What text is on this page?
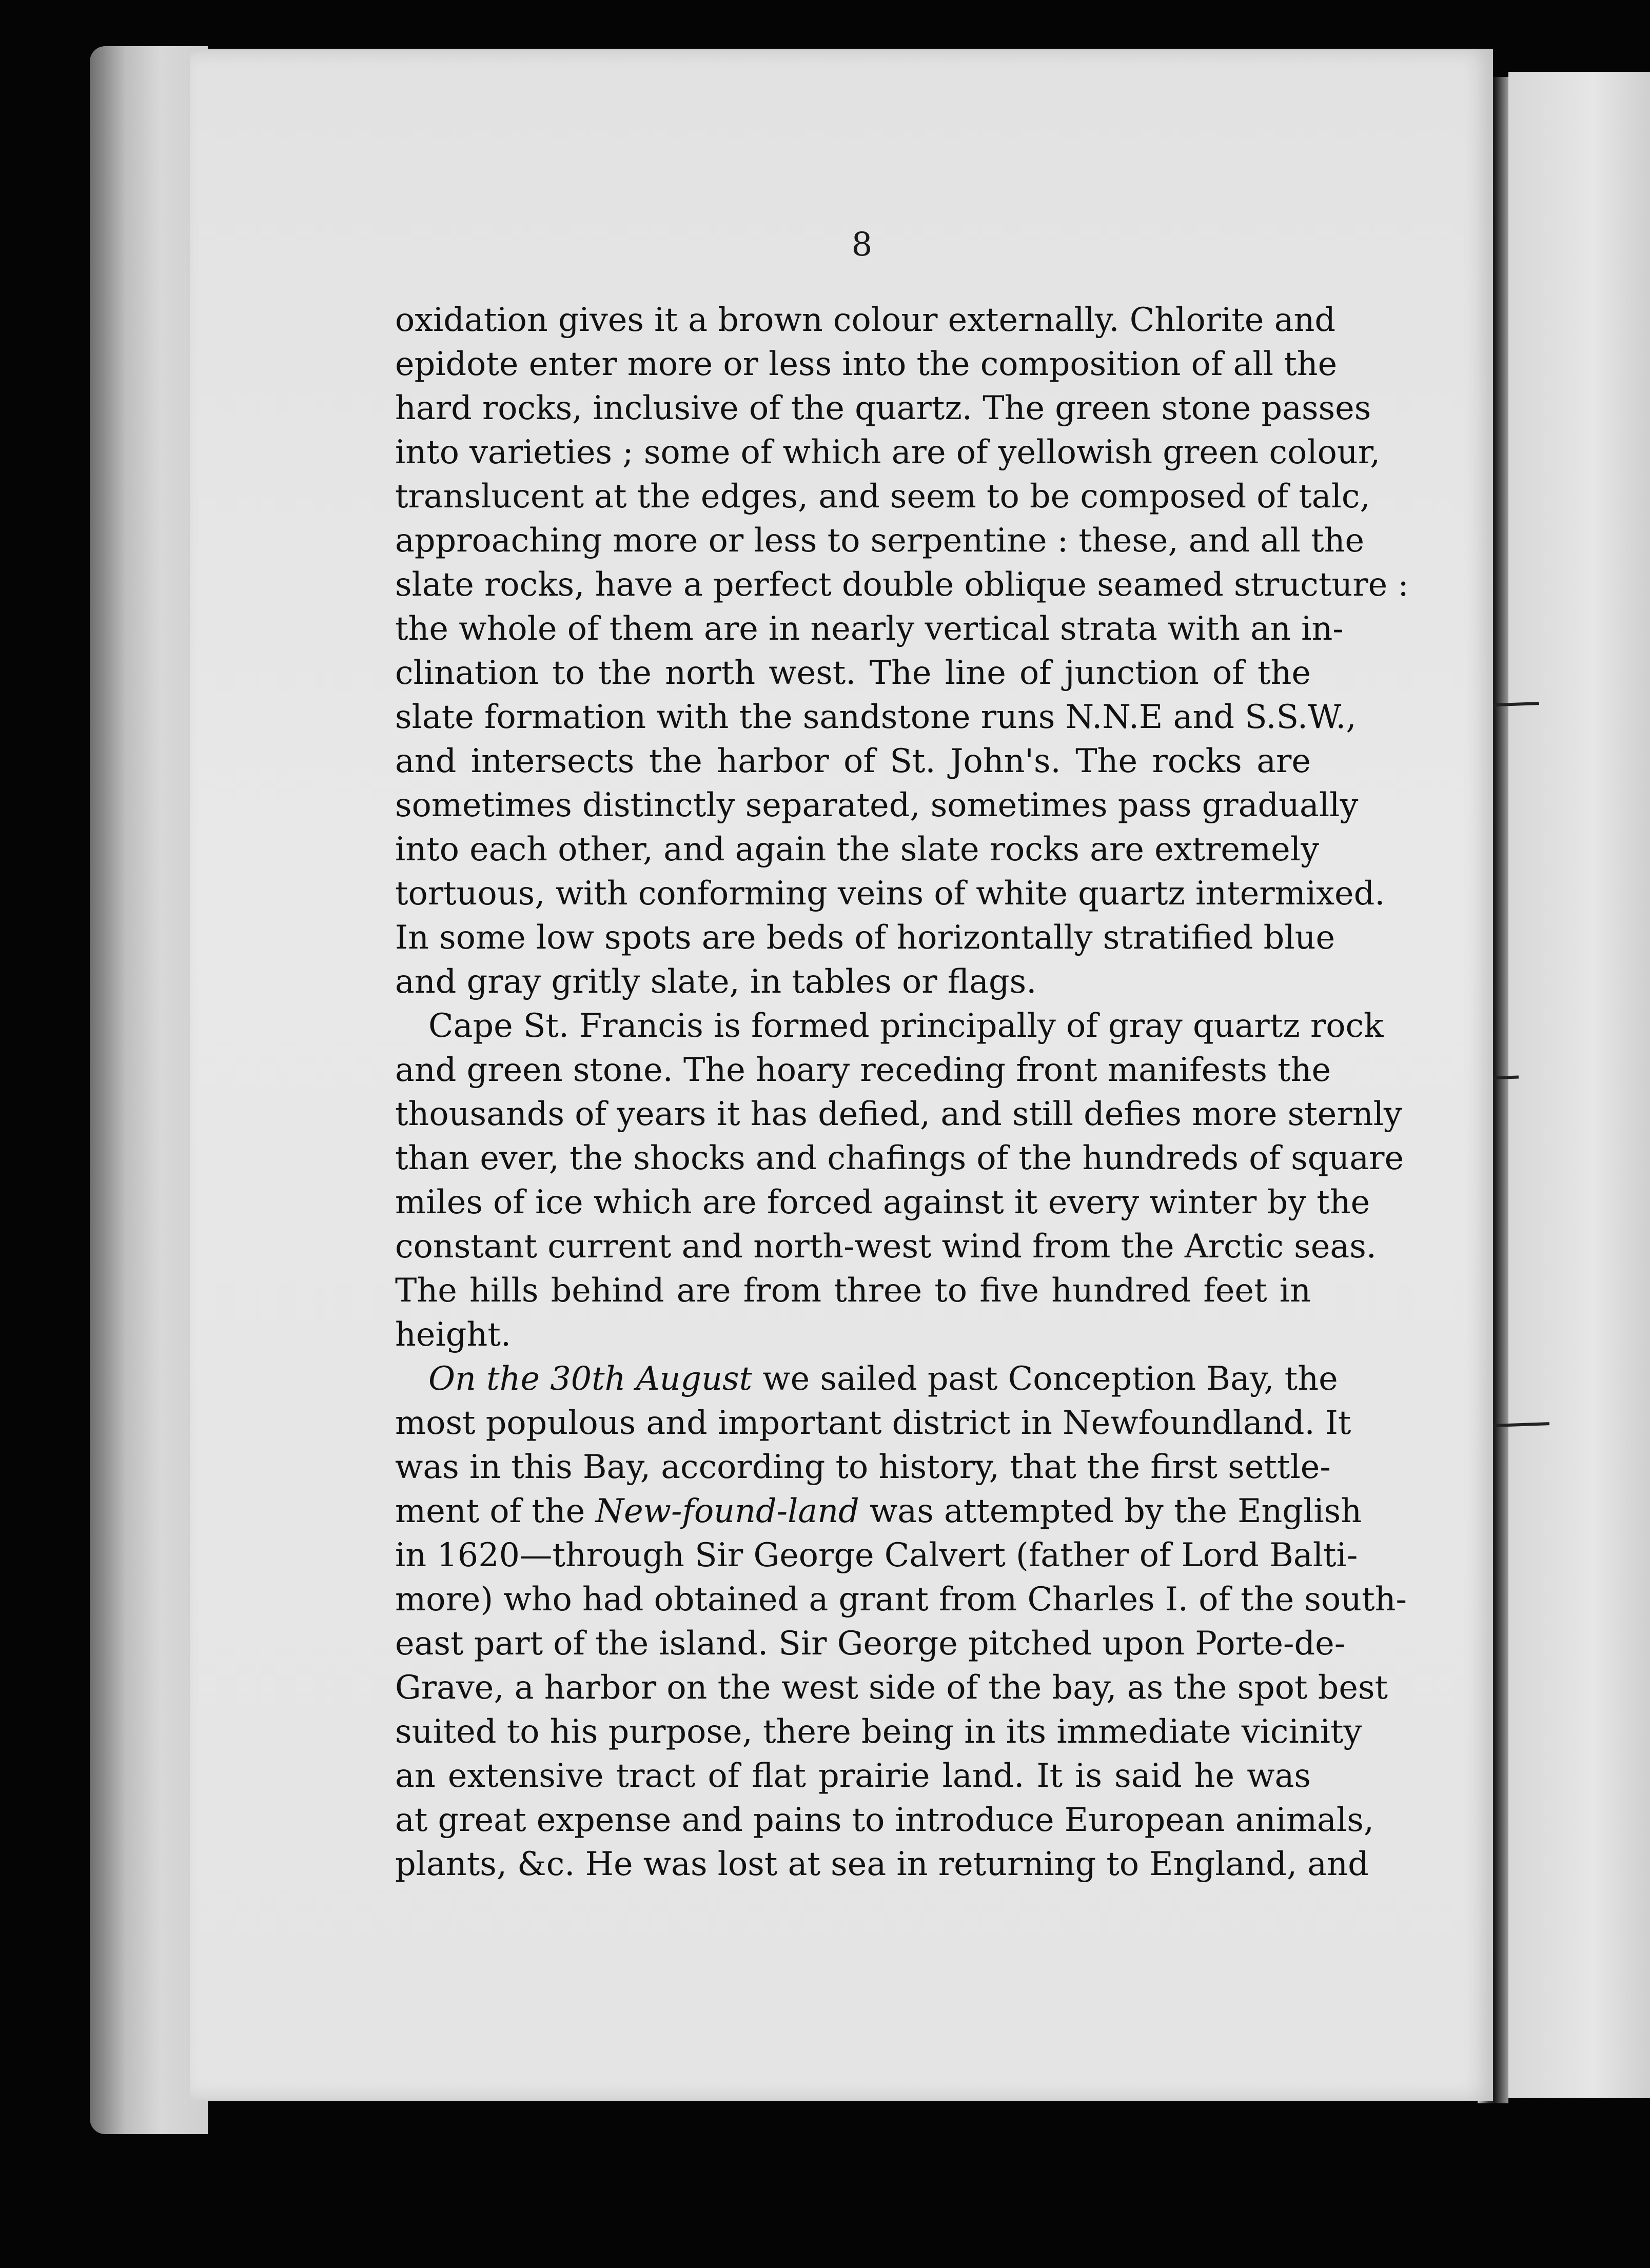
8
oxidation gives it a brown colour externally. Chlorite and
epidote enter more or less into the composition of all the
hard rocks, inclusive of the quartz. The green stone passes
into varieties ; some of which are of yellowish green colour,
translucent at the edges, and seem to be composed of talc,
approaching more or less to serpentine : these, and all the
slate rocks, have a perfect double oblique seamed structure :
the whole of them are in nearly vertical strata with an in-
clination to the north west. The line of junction of the
slate formation with the sandstone runs N.N.E and S.S.W.,
and intersects the harbor of St. John's. The rocks are
sometimes distinctly separated, sometimes pass gradually
into each other, and again the slate rocks are extremely
tortuous, with conforming veins of white quartz intermixed.
In some low spots are beds of horizontally stratified blue
and gray gritly slate, in tables or flags.
Cape St. Francis is formed principally of gray quartz rock
and green stone. The hoary receding front manifests the
thousands of years it has defied, and still defies more sternly
than ever, the shocks and chafings of the hundreds of square
miles of ice which are forced against it every winter by the
constant current and north-west wind from the Arctic seas.
The hills behind are from three to five hundred feet in
height.
On the 30th August we sailed past Conception Bay, the
most populous and important district in Newfoundland. It
was in this Bay, according to history, that the first settle-
ment of the New-found-land was attempted by the English
in 1620—through Sir George Calvert (father of Lord Balti-
more) who had obtained a grant from Charles I. of the south-
east part of the island. Sir George pitched upon Porte-de-
Grave, a harbor on the west side of the bay, as the spot best
suited to his purpose, there being in its immediate vicinity
an extensive tract of flat prairie land. It is said he was
at great expense and pains to introduce European animals,
plants, &c. He was lost at sea in returning to England, and
